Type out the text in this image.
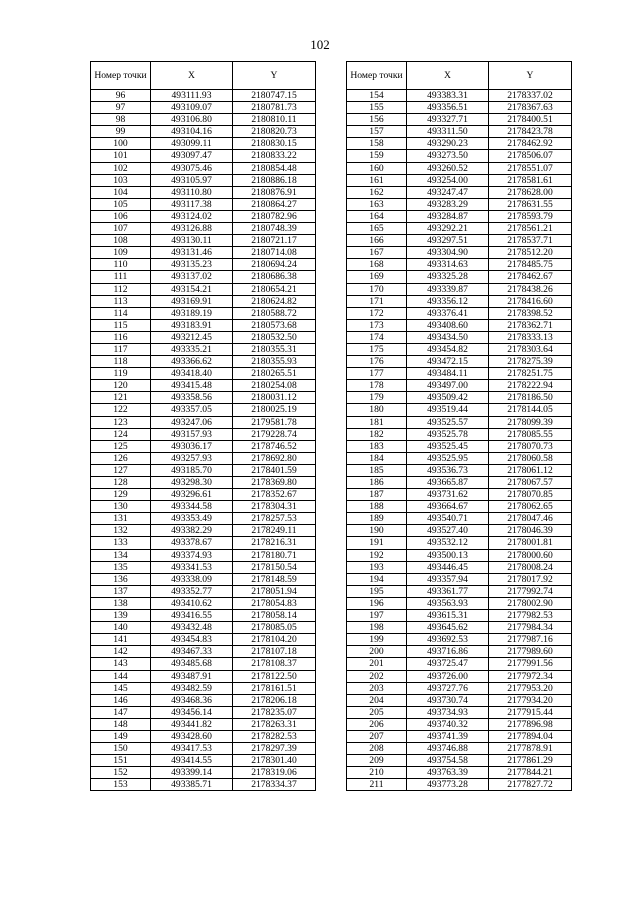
102
Номер точки	X	Y
96	493111.93	2180747.15
97	493109.07	2180781.73
98	493106.80	2180810.11
99	493104.16	2180820.73
100	493099.11	2180830.15
101	493097.47	2180833.22
102	493075.46	2180854.48
103	493105.97	2180886.18
104	493110.80	2180876.91
105	493117.38	2180864.27
106	493124.02	2180782.96
107	493126.88	2180748.39
108	493130.11	2180721.17
109	493131.46	2180714.08
110	493135.23	2180694.24
111	493137.02	2180686.38
112	493154.21	2180654.21
113	493169.91	2180624.82
114	493189.19	2180588.72
115	493183.91	2180573.68
116	493212.45	2180532.50
117	493335.21	2180355.31
118	493366.62	2180355.93
119	493418.40	2180265.51
120	493415.48	2180254.08
121	493358.56	2180031.12
122	493357.05	2180025.19
123	493247.06	2179581.78
124	493157.93	2179228.74
125	493036.17	2178746.52
126	493257.93	2178692.80
127	493185.70	2178401.59
128	493298.30	2178369.80
129	493296.61	2178352.67
130	493344.58	2178304.31
131	493353.49	2178257.53
132	493382.29	2178249.11
133	493378.67	2178216.31
134	493374.93	2178180.71
135	493341.53	2178150.54
136	493338.09	2178148.59
137	493352.77	2178051.94
138	493410.62	2178054.83
139	493416.55	2178058.14
140	493432.48	2178085.05
141	493454.83	2178104.20
142	493467.33	2178107.18
143	493485.68	2178108.37
144	493487.91	2178122.50
145	493482.59	2178161.51
146	493468.36	2178206.18
147	493456.14	2178235.07
148	493441.82	2178263.31
149	493428.60	2178282.53
150	493417.53	2178297.39
151	493414.55	2178301.40
152	493399.14	2178319.06
153	493385.71	2178334.37
Номер точки	X	Y
154	493383.31	2178337.02
155	493356.51	2178367.63
156	493327.71	2178400.51
157	493311.50	2178423.78
158	493290.23	2178462.92
159	493273.50	2178506.07
160	493260.52	2178551.07
161	493254.00	2178581.61
162	493247.47	2178628.00
163	493283.29	2178631.55
164	493284.87	2178593.79
165	493292.21	2178561.21
166	493297.51	2178537.71
167	493304.90	2178512.20
168	493314.63	2178485.75
169	493325.28	2178462.67
170	493339.87	2178438.26
171	493356.12	2178416.60
172	493376.41	2178398.52
173	493408.60	2178362.71
174	493434.50	2178333.13
175	493454.82	2178303.64
176	493472.15	2178275.39
177	493484.11	2178251.75
178	493497.00	2178222.94
179	493509.42	2178186.50
180	493519.44	2178144.05
181	493525.57	2178099.39
182	493525.78	2178085.55
183	493525.45	2178070.73
184	493525.95	2178060.58
185	493536.73	2178061.12
186	493665.87	2178067.57
187	493731.62	2178070.85
188	493664.67	2178062.65
189	493540.71	2178047.46
190	493527.40	2178046.39
191	493532.12	2178001.81
192	493500.13	2178000.60
193	493446.45	2178008.24
194	493357.94	2178017.92
195	493361.77	2177992.74
196	493563.93	2178002.90
197	493615.31	2177982.53
198	493645.62	2177984.34
199	493692.53	2177987.16
200	493716.86	2177989.60
201	493725.47	2177991.56
202	493726.00	2177972.34
203	493727.76	2177953.20
204	493730.74	2177934.20
205	493734.93	2177915.44
206	493740.32	2177896.98
207	493741.39	2177894.04
208	493746.88	2177878.91
209	493754.58	2177861.29
210	493763.39	2177844.21
211	493773.28	2177827.72
